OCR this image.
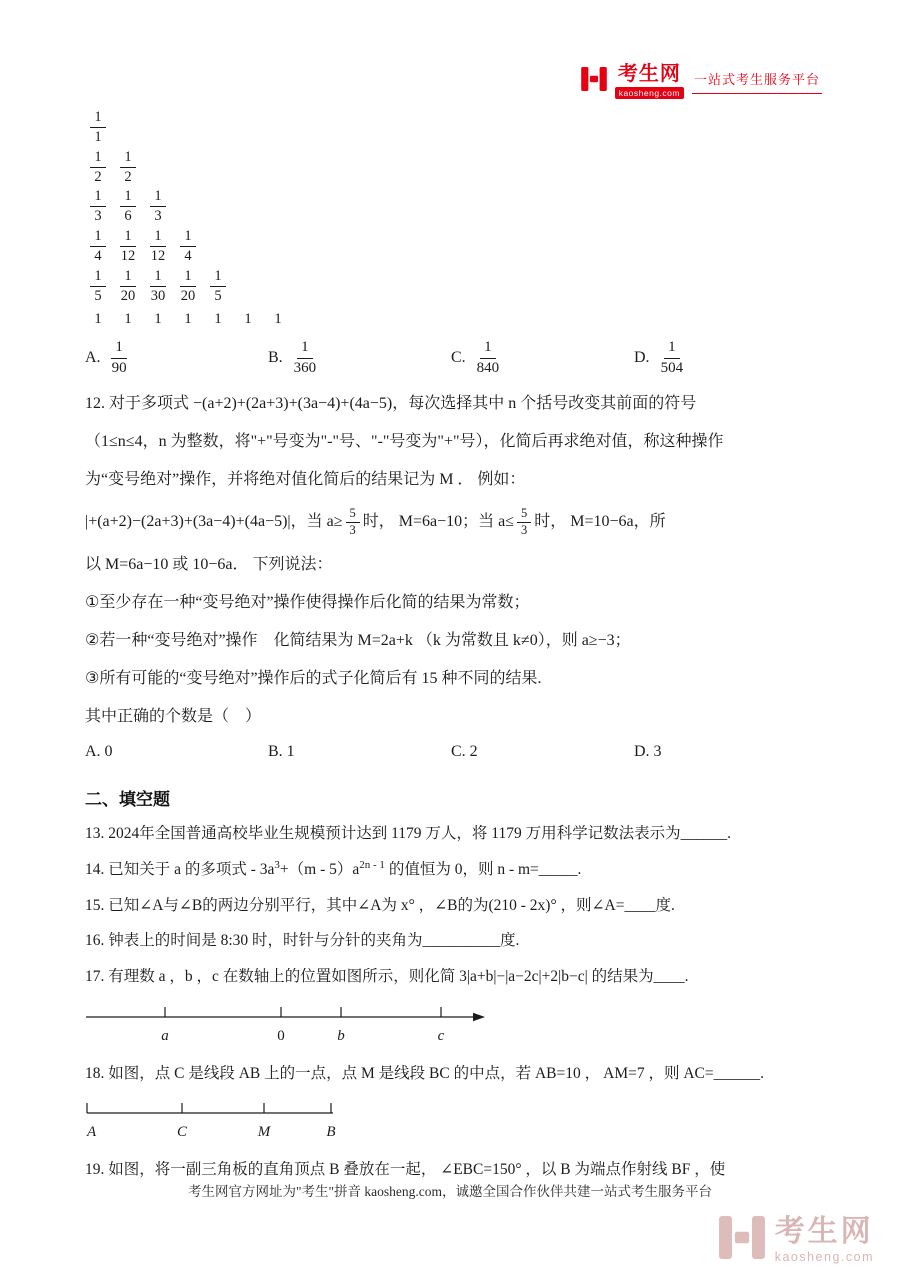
考生网
kaosheng.com
一站式考生服务平台
$\frac{1}{1}$
$\frac{1}{2} \frac{1}{2}$
$\frac{1}{3} \frac{1}{6} \frac{1}{3}$
$\frac{1}{4} \frac{1}{12} \frac{1}{12} \frac{1}{4}$
$\frac{1}{5} \frac{1}{20} \frac{1}{30} \frac{1}{20} \frac{1}{5}$
1	1	1	1	1	1	1
A. $\frac{1}{90}$	B. $\frac{1}{360}$	C. $\frac{1}{840}$	D. $\frac{1}{504}$
12. 对于多项式 −(a+2)+(2a+3)+(3a−4)+(4a−5)，每次选择其中 n 个括号改变其前面的符号
（1≤n≤4，n 为整数，将"+"号变为"-"号、"-"号变为"+"号），化简后再求绝对值，称这种操作
为“变号绝对”操作，并将绝对值化简后的结果记为 M ． 例如：
|+(a+2)−(2a+3)+(3a−4)+(4a−5)|，当 $a\ge \frac{5}{3}$ 时， M=6a−10；当 $a\le \frac{5}{3}$ 时， M=10−6a，所
以 M=6a−10 或 10−6a． 下列说法：
①至少存在一种“变号绝对”操作使得操作后化简的结果为常数；
②若一种“变号绝对”操作　化简结果为 M=2a+k （k 为常数且 k≠0），则 a≥−3；
③所有可能的“变号绝对”操作后的式子化简后有 15 种不同的结果.
其中正确的个数是（　）
A. 0	B. 1	C. 2	D. 3
二、填空题
13. 2024年全国普通高校毕业生规模预计达到 1179 万人，将 1179 万用科学记数法表示为______.
14. 已知关于 a 的多项式 - $3a^3+(m - 5)a^{2n - 1}$ 的值恒为 0，则 n - m=_____.
15. 已知∠A与∠B的两边分别平行，其中∠A为 x° ，∠B的为(210 - 2x)° ，则∠A=____度.
16. 钟表上的时间是 8:30 时，时针与分针的夹角为__________度.
17. 有理数 a ，b ，c 在数轴上的位置如图所示，则化简 3|a+b|−|a−2c|+2|b−c| 的结果为____.
a	0	b	c
18. 如图，点 C 是线段 AB 上的一点，点 M 是线段 BC 的中点，若 AB=10 ， AM=7 ，则 AC=______.
A	C	M	B
19. 如图，将一副三角板的直角顶点 B 叠放在一起， ∠EBC=150° ，以 B 为端点作射线 BF ，使
考生网官方网址为"考生"拼音 kaosheng.com，诚邀全国合作伙伴共建一站式考生服务平台
考生网
kaosheng.com
